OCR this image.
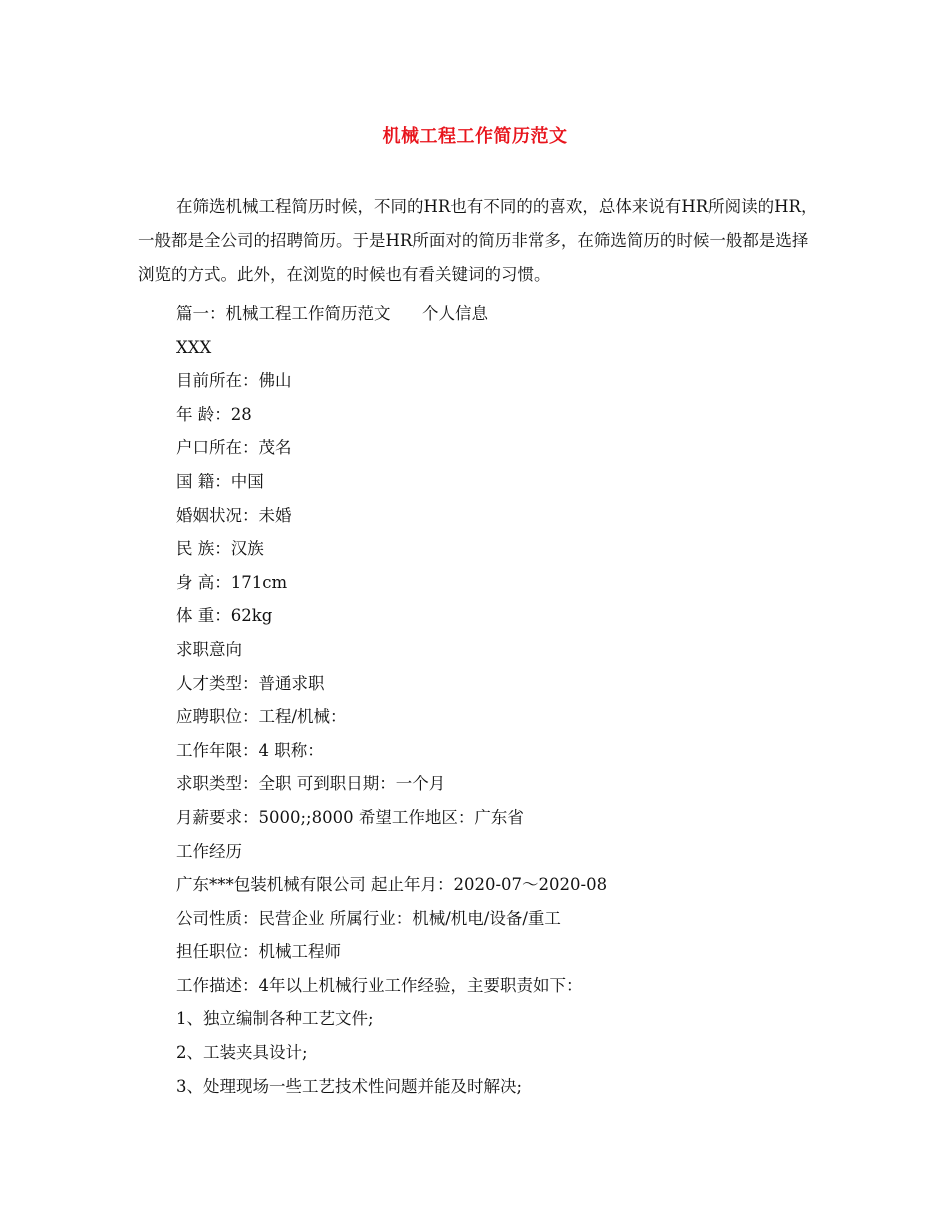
机械工程工作简历范文

在筛选机械工程简历时候，不同的HR也有不同的的喜欢，总体来说有HR所阅读的HR，一般都是全公司的招聘简历。于是HR所面对的简历非常多，在筛选简历的时候一般都是选择浏览的方式。此外，在浏览的时候也有看关键词的习惯。

篇一：机械工程工作简历范文      个人信息
XXX
目前所在：佛山
年 龄：28
户口所在：茂名
国 籍：中国
婚姻状况：未婚
民 族：汉族
身 高：171cm
体 重：62kg
求职意向
人才类型：普通求职
应聘职位：工程/机械：
工作年限：4 职称：
求职类型：全职 可到职日期：一个月
月薪要求：5000;;8000 希望工作地区：广东省
工作经历
广东***包装机械有限公司 起止年月：2020-07～2020-08
公司性质：民营企业 所属行业：机械/机电/设备/重工
担任职位：机械工程师
工作描述：4年以上机械行业工作经验，主要职责如下：
1、独立编制各种工艺文件;
2、工装夹具设计;
3、处理现场一些工艺技术性问题并能及时解决;
